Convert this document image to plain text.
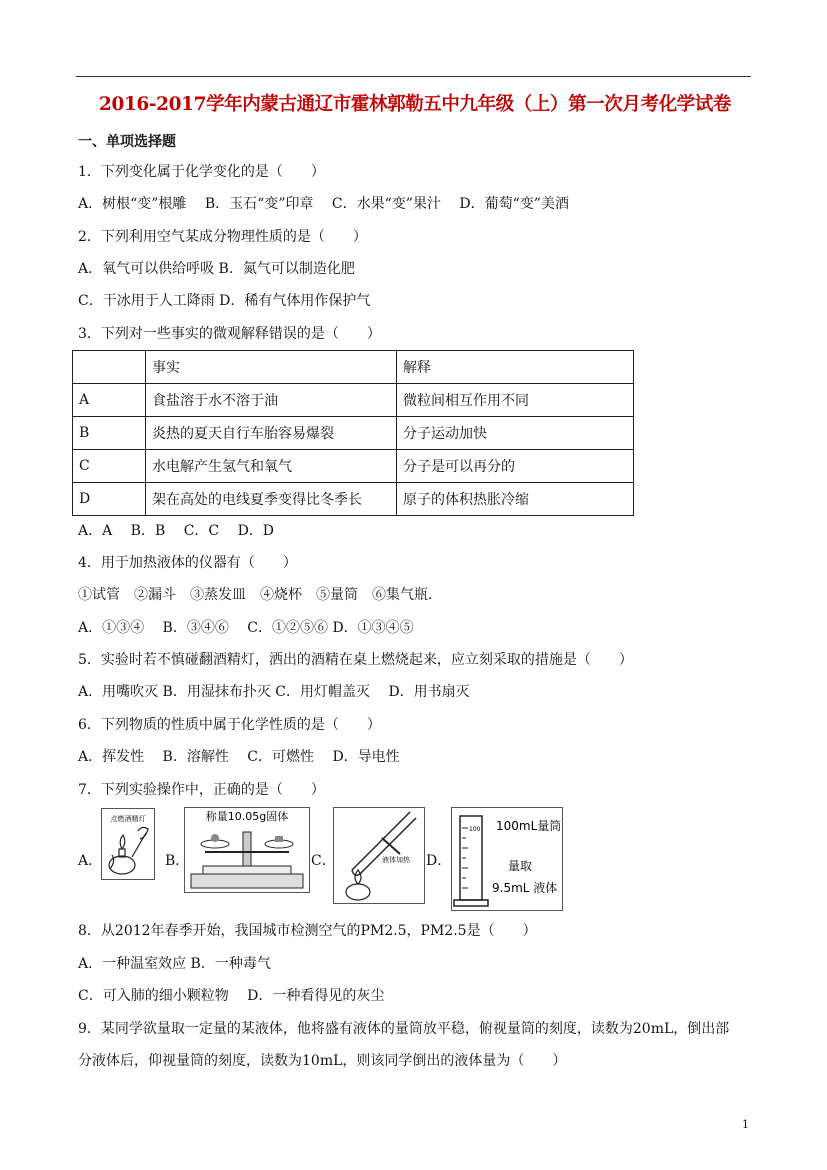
2016-2017学年内蒙古通辽市霍林郭勒五中九年级（上）第一次月考化学试卷
一、单项选择题
1．下列变化属于化学变化的是（　　）
A．树根“变”根雕　 B．玉石“变”印章　 C．水果“变”果汁　 D．葡萄“变”美酒
2．下列利用空气某成分物理性质的是（　　）
A．氧气可以供给呼吸 B．氮气可以制造化肥
C．干冰用于人工降雨 D．稀有气体用作保护气
3．下列对一些事实的微观解释错误的是（　　）
A．A　 B．B　 C．C　 D．D
4．用于加热液体的仪器有（　　）
①试管　②漏斗　③蒸发皿　④烧杯　⑤量筒　⑥集气瓶．
A．①③④　 B．③④⑥　 C．①②⑤⑥ D．①③④⑤
5．实验时若不慎碰翻酒精灯，洒出的酒精在桌上燃烧起来，应立刻采取的措施是（　　）
A．用嘴吹灭 B．用湿抹布扑灭 C．用灯帽盖灭　 D．用书扇灭
6．下列物质的性质中属于化学性质的是（　　）
A．挥发性　 B．溶解性　 C．可燃性　 D．导电性
7．下列实验操作中，正确的是（　　）
8．从2012年春季开始，我国城市检测空气的PM2.5，PM2.5是（　　）
A．一种温室效应 B．一种毒气
C．可入肺的细小颗粒物　 D．一种看得见的灰尘
9．某同学欲量取一定量的某液体，他将盛有液体的量筒放平稳，俯视量筒的刻度，读数为20mL，倒出部
分液体后，仰视量筒的刻度，读数为10mL，则该同学倒出的液体量为（　　）
	事实	解释
A	食盐溶于水不溶于油	微粒间相互作用不同
B	炎热的夏天自行车胎容易爆裂	分子运动加快
C	水电解产生氢气和氧气	分子是可以再分的
D	架在高处的电线夏季变得比冬季长	原子的体积热胀冷缩
A．	B．	C．	D．
点燃酒精灯	称量10.05g固体
液体加热
100 100mL量筒
量取
9.5mL 液体
1
